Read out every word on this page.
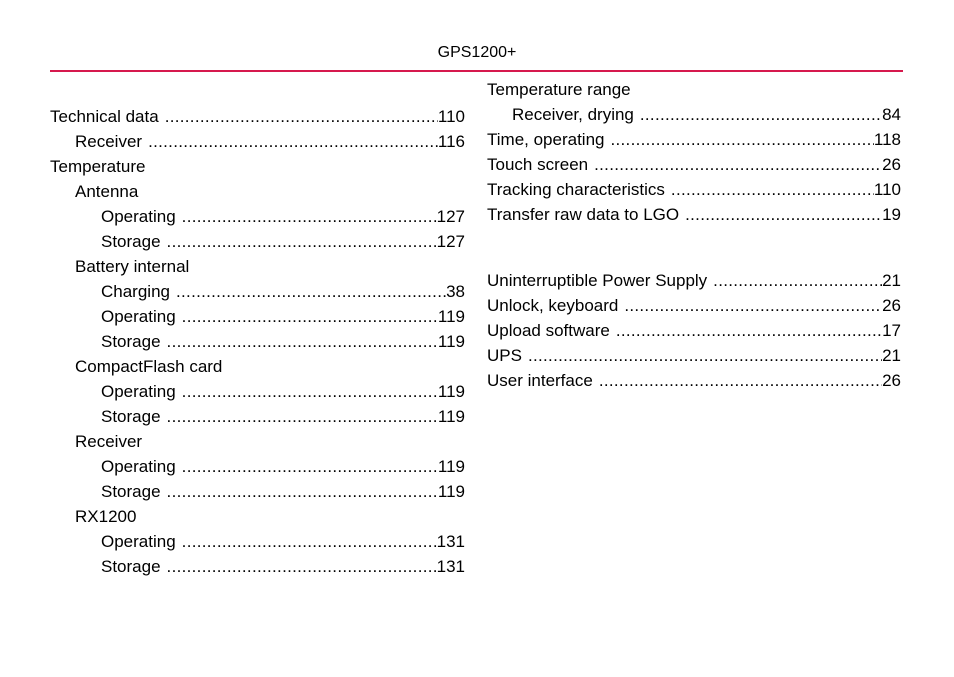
GPS1200+
Technical data .....	110
Receiver .....	116
Temperature
Antenna
Operating .....	127
Storage .....	127
Battery internal
Charging .....	38
Operating .....	119
Storage .....	119
CompactFlash card
Operating .....	119
Storage .....	119
Receiver
Operating .....	119
Storage .....	119
RX1200
Operating .....	131
Storage .....	131
Temperature range
Receiver, drying .....	84
Time, operating .....	118
Touch screen .....	26
Tracking characteristics .....	110
Transfer raw data to LGO .....	19
Uninterruptible Power Supply .....	21
Unlock, keyboard .....	26
Upload software .....	17
UPS .....	21
User interface .....	26
